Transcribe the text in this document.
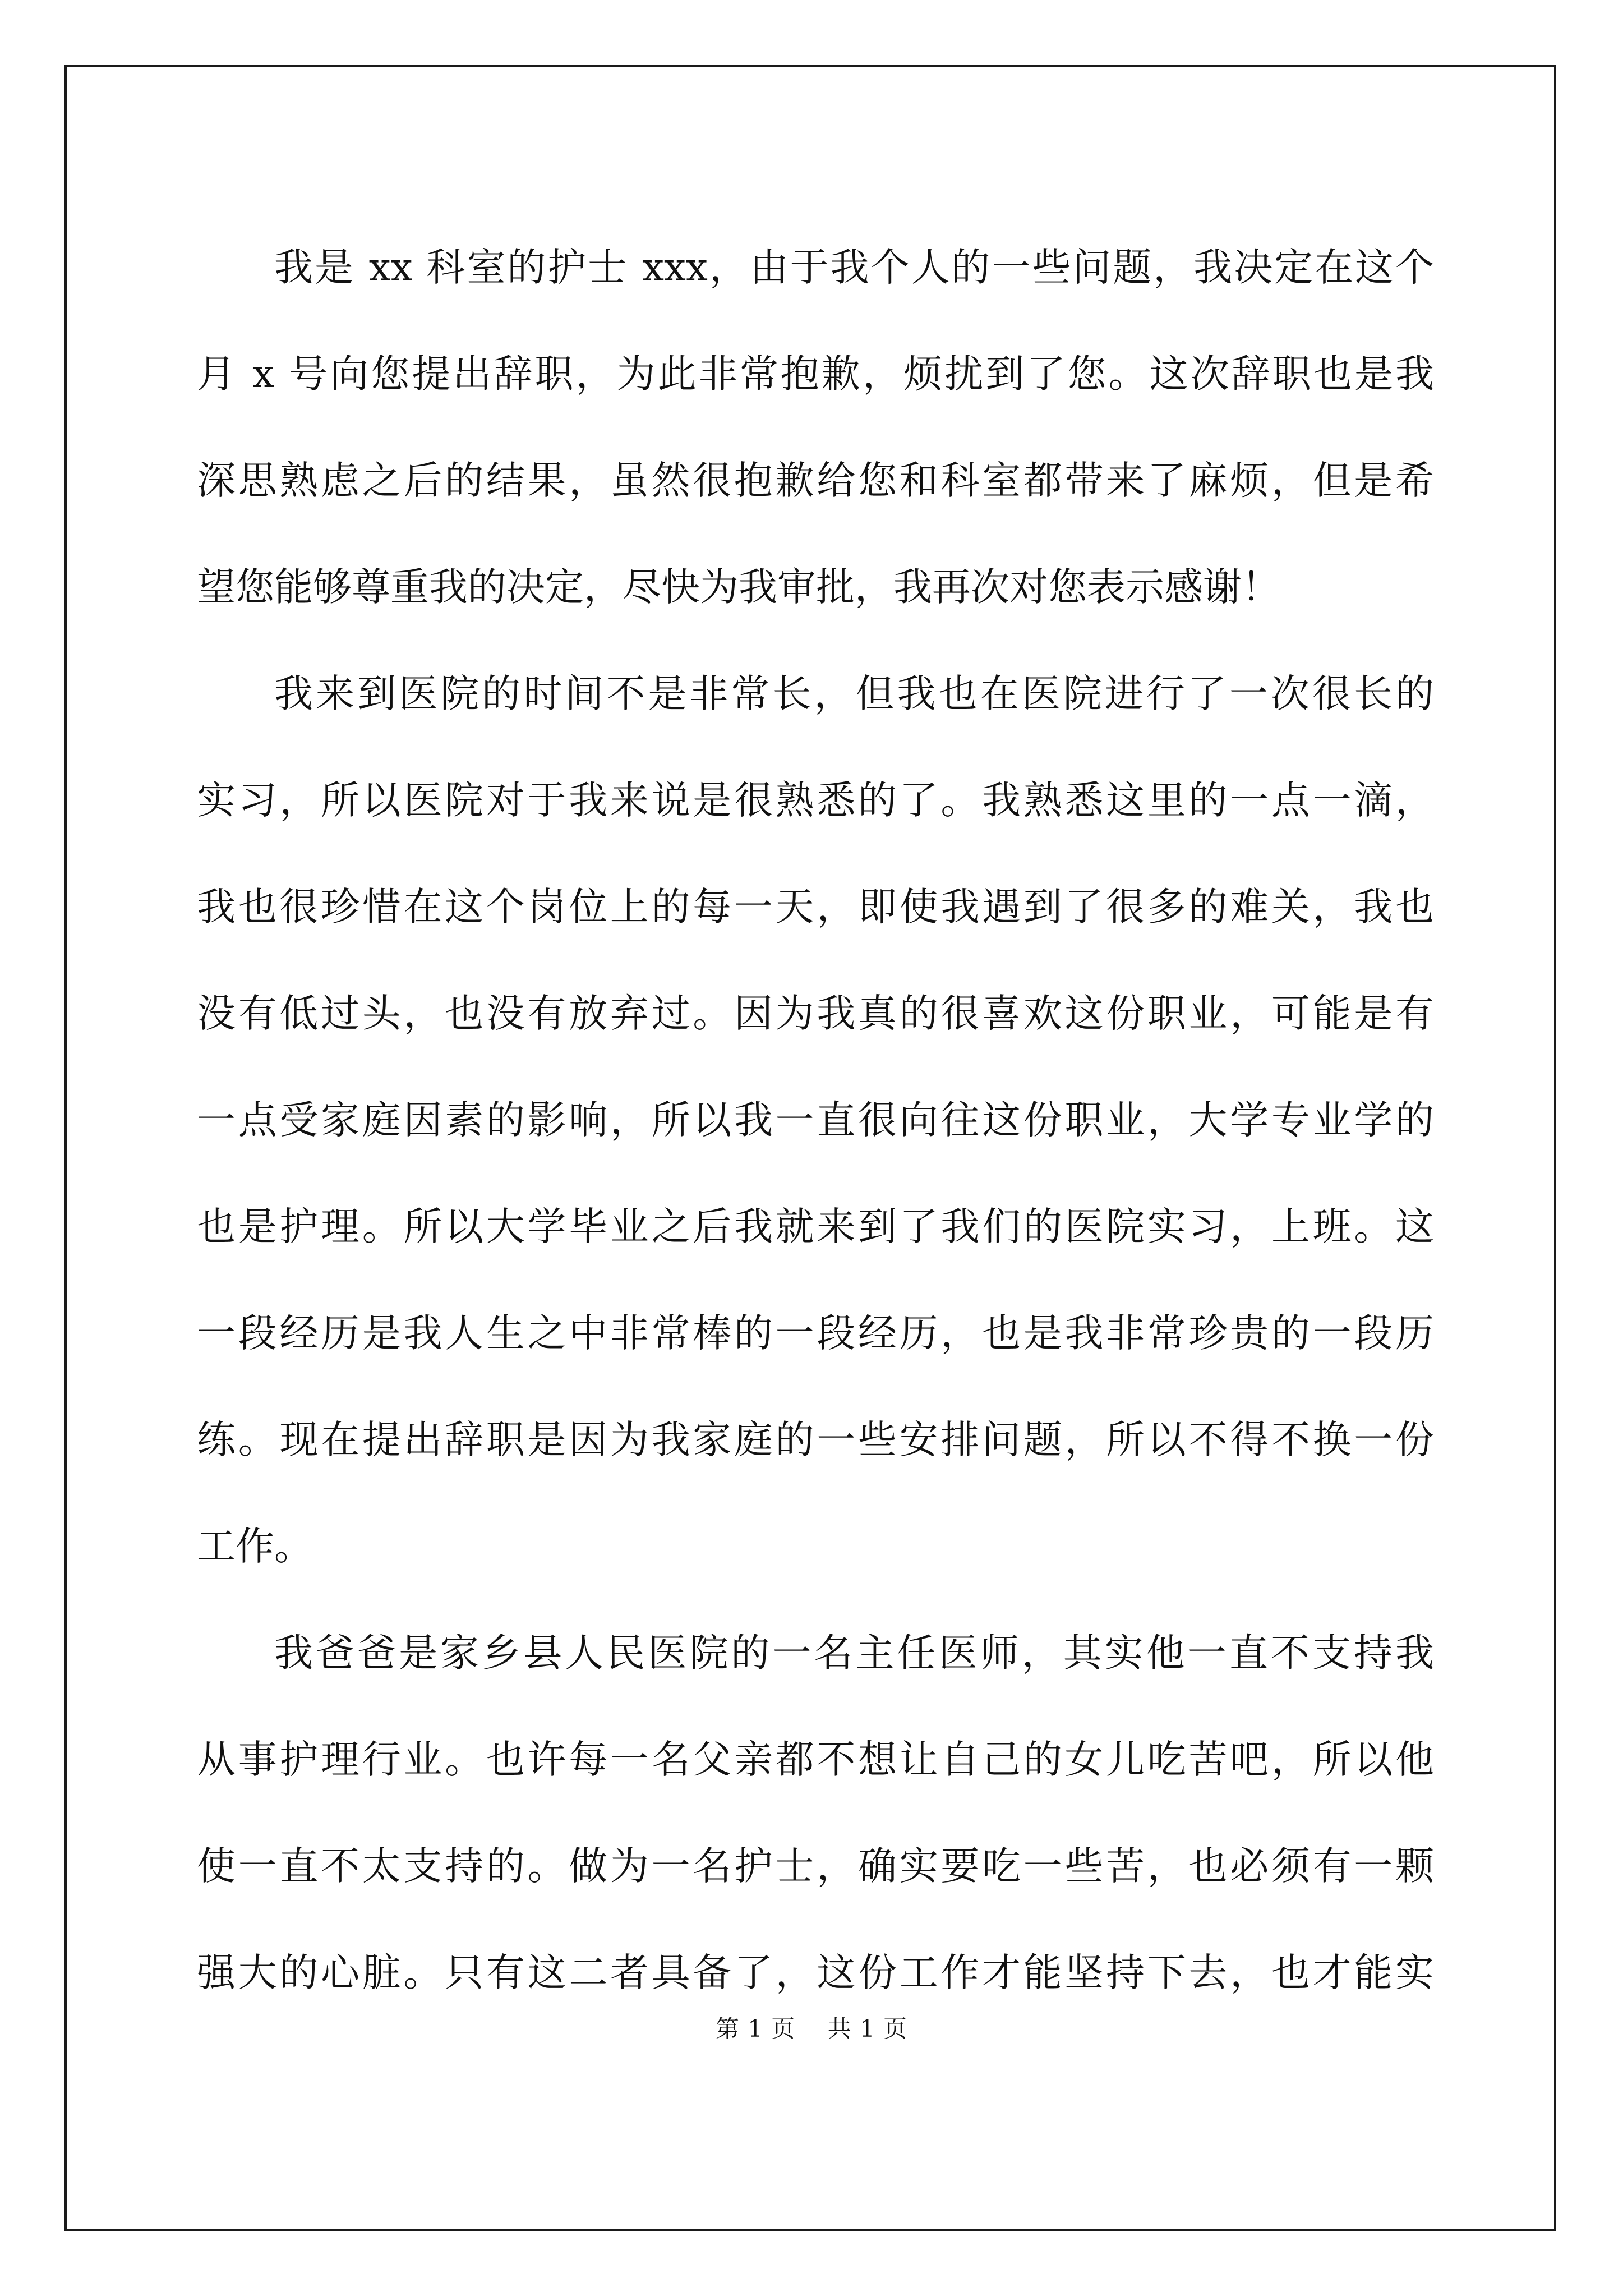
我是 xx 科室的护士 xxx，由于我个人的一些问题，我决定在这个
月 x 号向您提出辞职，为此非常抱歉，烦扰到了您。这次辞职也是我
深思熟虑之后的结果，虽然很抱歉给您和科室都带来了麻烦，但是希
望您能够尊重我的决定，尽快为我审批，我再次对您表示感谢！
我来到医院的时间不是非常长，但我也在医院进行了一次很长的
实习，所以医院对于我来说是很熟悉的了。我熟悉这里的一点一滴，
我也很珍惜在这个岗位上的每一天，即使我遇到了很多的难关，我也
没有低过头，也没有放弃过。因为我真的很喜欢这份职业，可能是有
一点受家庭因素的影响，所以我一直很向往这份职业，大学专业学的
也是护理。所以大学毕业之后我就来到了我们的医院实习，上班。这
一段经历是我人生之中非常棒的一段经历，也是我非常珍贵的一段历
练。现在提出辞职是因为我家庭的一些安排问题，所以不得不换一份
工作。
我爸爸是家乡县人民医院的一名主任医师，其实他一直不支持我
从事护理行业。也许每一名父亲都不想让自己的女儿吃苦吧，所以他
使一直不太支持的。做为一名护士，确实要吃一些苦，也必须有一颗
强大的心脏。只有这二者具备了，这份工作才能坚持下去，也才能实
第 1 页 共 1 页
